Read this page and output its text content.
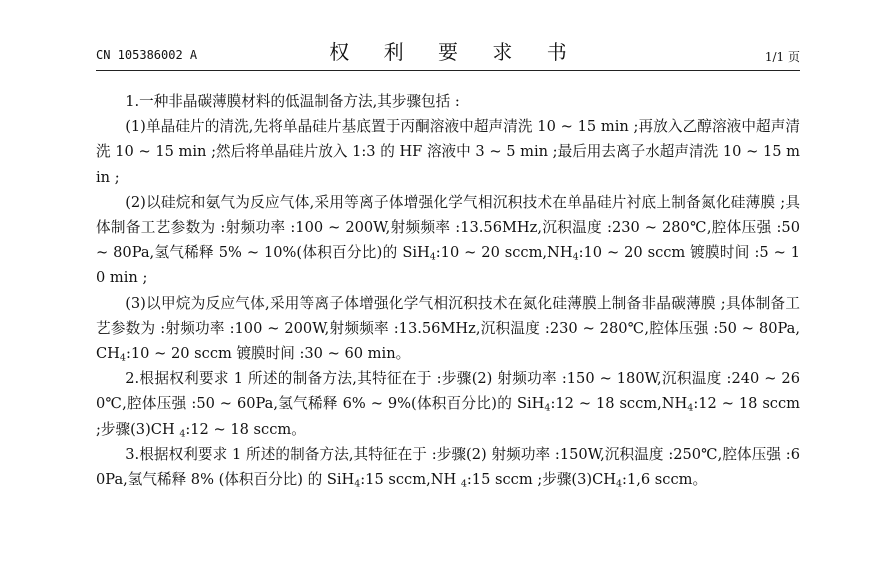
CN 105386002 A	权 利 要 求 书	1/1 页

1.一种非晶碳薄膜材料的低温制备方法,其步骤包括 :

(1)单晶硅片的清洗,先将单晶硅片基底置于丙酮溶液中超声清洗 10 ~ 15 min ;再放入乙醇溶液中超声清洗 10 ~ 15 min ;然后将单晶硅片放入 1:3 的 HF 溶液中 3 ~ 5 min ;最后用去离子水超声清洗 10 ~ 15 min ;

(2)以硅烷和氨气为反应气体,采用等离子体增强化学气相沉积技术在单晶硅片衬底上制备氮化硅薄膜 ;具体制备工艺参数为 :射频功率 :100 ~ 200W,射频频率 :13.56MHz,沉积温度 :230 ~ 280℃,腔体压强 :50 ~ 80Pa,氢气稀释 5% ~ 10%(体积百分比)的 SiH$_4$:10 ~ 20 $sccm,NH_4:10$ ~ 20 sccm 镀膜时间 :5 ~ 10 min ;

(3)以甲烷为反应气体,采用等离子体增强化学气相沉积技术在氮化硅薄膜上制备非晶碳薄膜 ;具体制备工艺参数为 :射频功率 :100 ~ 200W,射频频率 :13.56MHz,沉积温度 :230 ~ 280℃,腔体压强 :50 ~ $80Pa,CH_4:10$ ~ 20 sccm 镀膜时间 :30 ~ 60 min。

2.根据权利要求 1 所述的制备方法,其特征在于 :步骤(2) 射频功率 :150 ~ 180W,沉积温度 :240 ~ 260℃,腔体压强 :50 ~ 60Pa,氢气稀释 6% ~ 9%(体积百分比)的 SiH$_4$:12 ~ 18 $sccm,NH_4:12$ ~ 18 sccm ;步骤(3)CH $_4$:12 ~ 18 sccm。

3.根据权利要求 1 所述的制备方法,其特征在于 :步骤(2) 射频功率 :150W,沉积温度 :250℃,腔体压强 :60Pa,氢气稀释 8% (体积百分比) 的 SiH$_4$:15 sccm,NH $_4$:15 sccm ;步骤$(3)CH_4:1,6$ sccm。
